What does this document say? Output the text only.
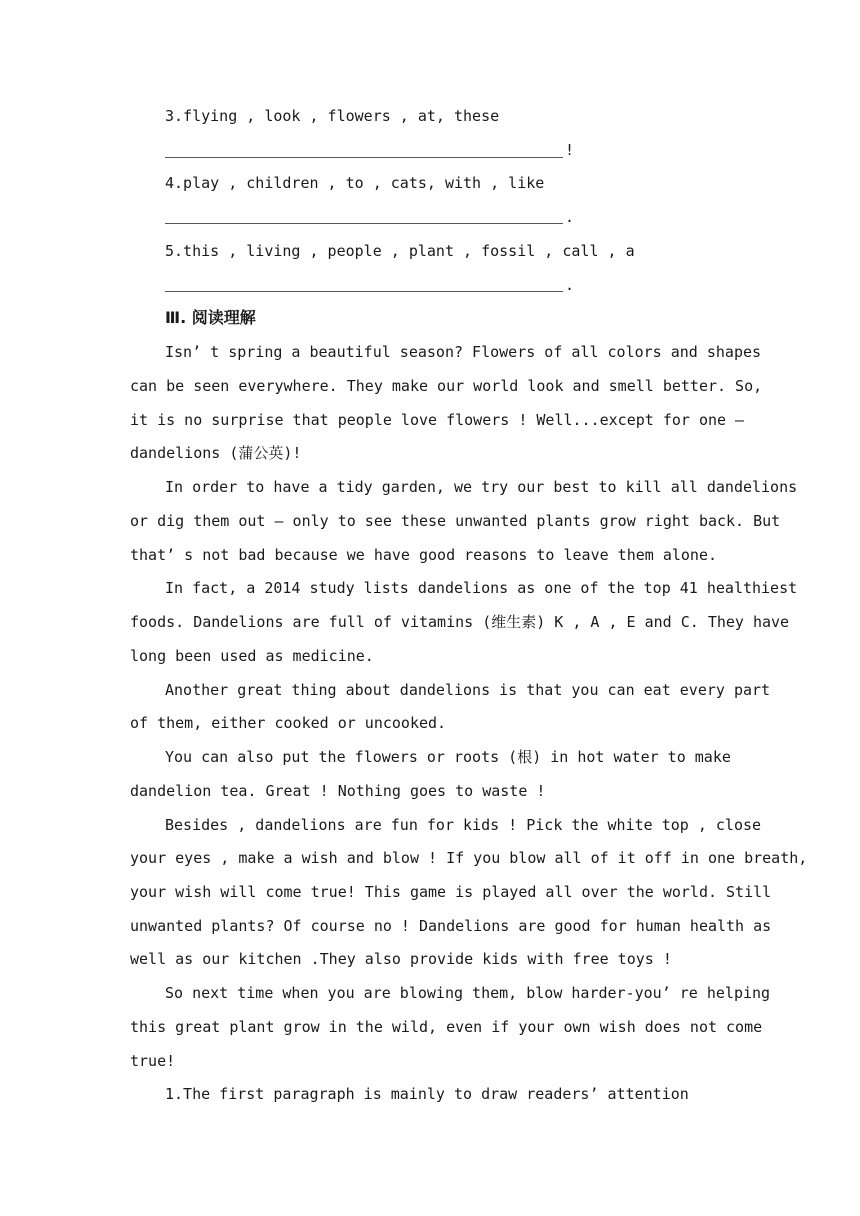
3.flying , look , flowers , at, these
!
4.play , children , to , cats, with , like
.
5.this , living , people , plant , fossil , call , a
.
Ⅲ. 阅读理解
Isn’ t spring a beautiful season? Flowers of all colors and shapes
can be seen everywhere. They make our world look and smell better. So,
it is no surprise that people love flowers ! Well...except for one —
dandelions (蒲公英)!
In order to have a tidy garden, we try our best to kill all dandelions
or dig them out — only to see these unwanted plants grow right back. But
that’ s not bad because we have good reasons to leave them alone.
In fact, a 2014 study lists dandelions as one of the top 41 healthiest
foods. Dandelions are full of vitamins (维生素) K , A , E and C. They have
long been used as medicine.
Another great thing about dandelions is that you can eat every part
of them, either cooked or uncooked.
You can also put the flowers or roots (根) in hot water to make
dandelion tea. Great ! Nothing goes to waste !
Besides , dandelions are fun for kids ! Pick the white top , close
your eyes , make a wish and blow ! If you blow all of it off in one breath,
your wish will come true! This game is played all over the world. Still
unwanted plants? Of course no ! Dandelions are good for human health as
well as our kitchen .They also provide kids with free toys !
So next time when you are blowing them, blow harder-you’ re helping
this great plant grow in the wild, even if your own wish does not come
true!
1.The first paragraph is mainly to draw readers’ attention
